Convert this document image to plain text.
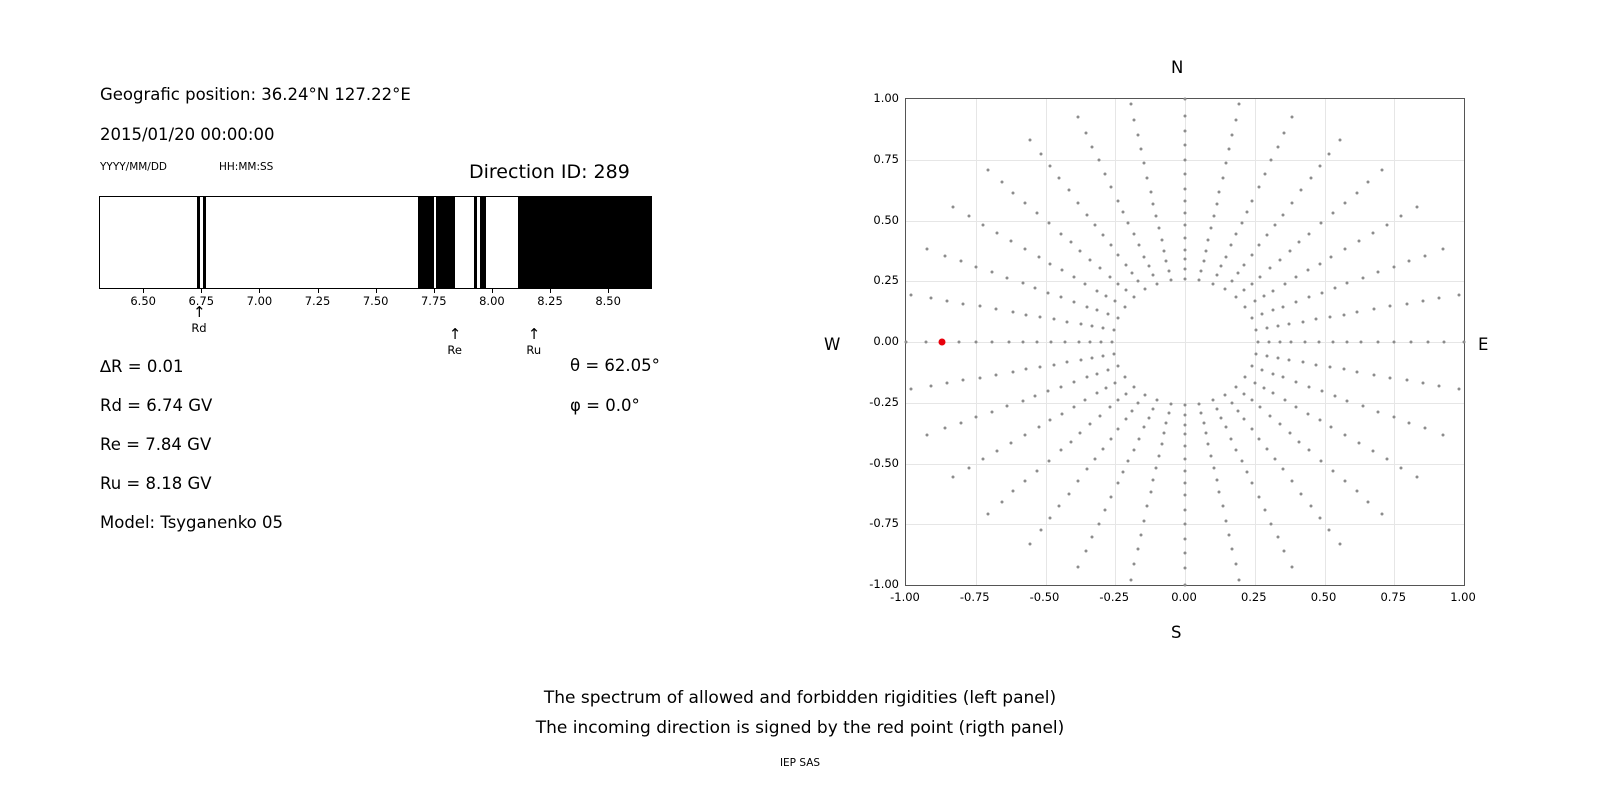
Geografic position: 36.24°N 127.22°E
2015/01/20 00:00:00
YYYY/MM/DD	HH:MM:SS	Direction ID: 289
6.50	6.75	7.00	7.25	7.50	7.75	8.00	8.25	8.50
↑
Rd	↑
Re
↑
Ru
∆R = 0.01
Rd = 6.74 GV
Re = 7.84 GV
Ru = 8.18 GV
Model: Tsyganenko 05
θ = 62.05°
φ = 0.0°
N
S
E
W
-1.00	-0.75	-0.50	-0.25	0.00	0.25	0.50	0.75	1.00
-1.00
-0.75
-0.50
-0.25
0.00
0.25
0.50
0.75
1.00
The spectrum of allowed and forbidden rigidities (left panel)
The incoming direction is signed by the red point (rigth panel)
IEP SAS
